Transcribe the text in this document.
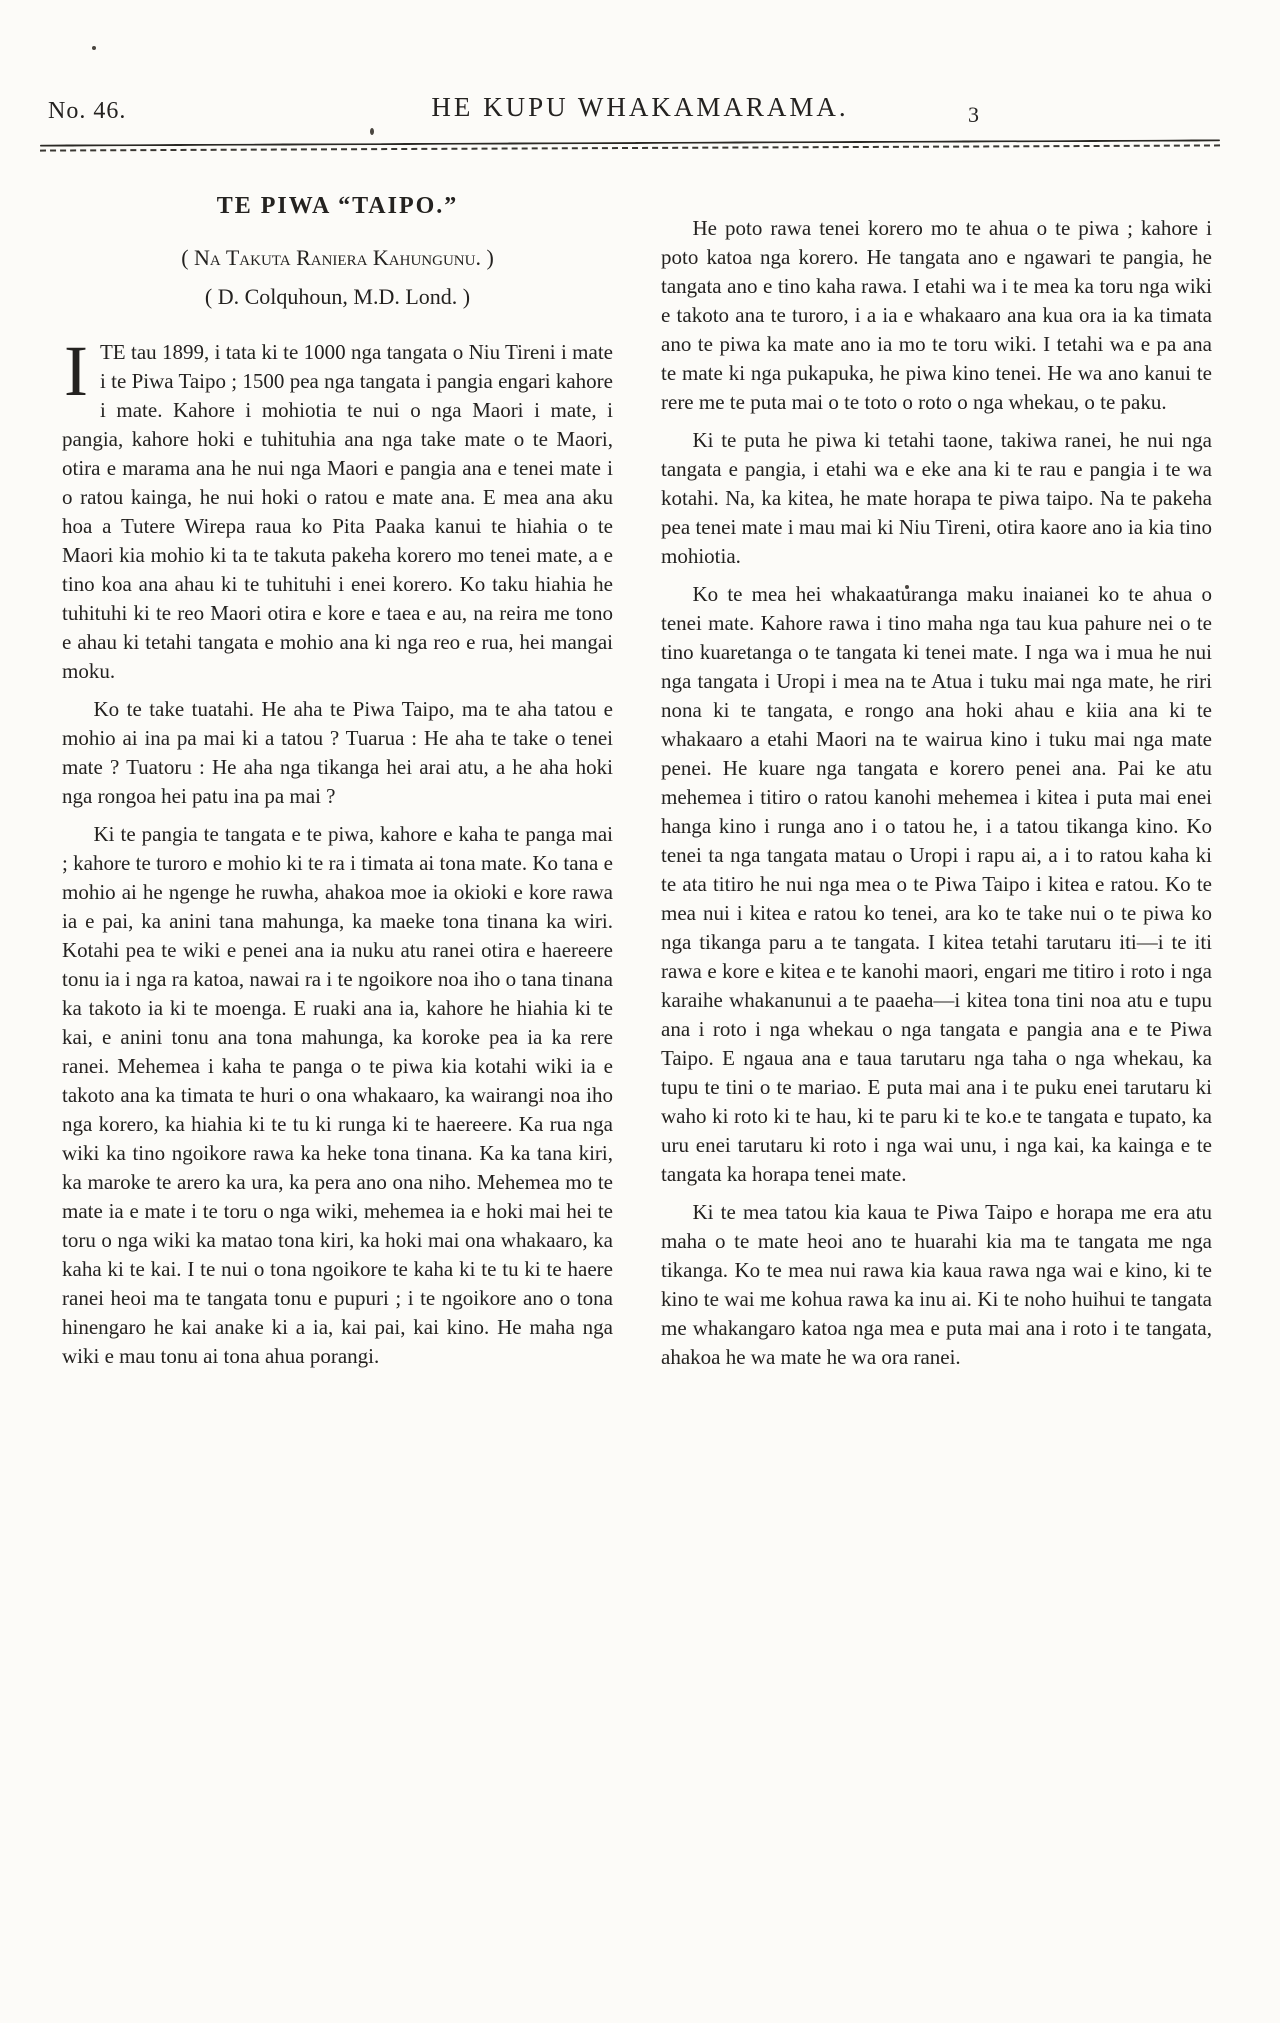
No. 46.	HE KUPU WHAKAMARAMA.	3
TE PIWA “TAIPO.”

( Na Takuta Raniera Kahungunu. )

( D. Colquhoun, M.D. Lond. )

ITE tau 1899, i tata ki te 1000 nga tangata o Niu Tireni i mate i te Piwa Taipo ; 1500 pea nga tangata i pangia engari kahore i mate. Kahore i mohiotia te nui o nga Maori i mate, i pangia, kahore hoki e tuhituhia ana nga take mate o te Maori, otira e marama ana he nui nga Maori e pangia ana e tenei mate i o ratou kainga, he nui hoki o ratou e mate ana. E mea ana aku hoa a Tutere Wirepa raua ko Pita Paaka kanui te hiahia o te Maori kia mohio ki ta te takuta pakeha korero mo tenei mate, a e tino koa ana ahau ki te tuhituhi i enei korero. Ko taku hiahia he tuhituhi ki te reo Maori otira e kore e taea e au, na reira me tono e ahau ki tetahi tangata e mohio ana ki nga reo e rua, hei mangai moku.

Ko te take tuatahi. He aha te Piwa Taipo, ma te aha tatou e mohio ai ina pa mai ki a tatou ? Tuarua : He aha te take o tenei mate ? Tuatoru : He aha nga tikanga hei arai atu, a he aha hoki nga rongoa hei patu ina pa mai ?

Ki te pangia te tangata e te piwa, kahore e kaha te panga mai ; kahore te turoro e mohio ki te ra i timata ai tona mate. Ko tana e mohio ai he ngenge he ruwha, ahakoa moe ia okioki e kore rawa ia e pai, ka anini tana mahunga, ka maeke tona tinana ka wiri. Kotahi pea te wiki e penei ana ia nuku atu ranei otira e haereere tonu ia i nga ra katoa, nawai ra i te ngoikore noa iho o tana tinana ka takoto ia ki te moenga. E ruaki ana ia, kahore he hiahia ki te kai, e anini tonu ana tona mahunga, ka koroke pea ia ka rere ranei. Mehemea i kaha te panga o te piwa kia kotahi wiki ia e takoto ana ka timata te huri o ona whakaaro, ka wairangi noa iho nga korero, ka hiahia ki te tu ki runga ki te haereere. Ka rua nga wiki ka tino ngoikore rawa ka heke tona tinana. Ka ka tana kiri, ka maroke te arero ka ura, ka pera ano ona niho. Mehemea mo te mate ia e mate i te toru o nga wiki, mehemea ia e hoki mai hei te toru o nga wiki ka matao tona kiri, ka hoki mai ona whakaaro, ka kaha ki te kai. I te nui o tona ngoikore te kaha ki te tu ki te haere ranei heoi ma te tangata tonu e pupuri ; i te ngoikore ano o tona hinengaro he kai anake ki a ia, kai pai, kai kino. He maha nga wiki e mau tonu ai tona ahua porangi.

He poto rawa tenei korero mo te ahua o te piwa ; kahore i poto katoa nga korero. He tangata ano e ngawari te pangia, he tangata ano e tino kaha rawa. I etahi wa i te mea ka toru nga wiki e takoto ana te turoro, i a ia e whakaaro ana kua ora ia ka timata ano te piwa ka mate ano ia mo te toru wiki. I tetahi wa e pa ana te mate ki nga pukapuka, he piwa kino tenei. He wa ano kanui te rere me te puta mai o te toto o roto o nga whekau, o te paku.

Ki te puta he piwa ki tetahi taone, takiwa ranei, he nui nga tangata e pangia, i etahi wa e eke ana ki te rau e pangia i te wa kotahi. Na, ka kitea, he mate horapa te piwa taipo. Na te pakeha pea tenei mate i mau mai ki Niu Tireni, otira kaore ano ia kia tino mohiotia.

Ko te mea hei whakaaturanga maku inaianei ko te ahua o tenei mate. Kahore rawa i tino maha nga tau kua pahure nei o te tino kuaretanga o te tangata ki tenei mate. I nga wa i mua he nui nga tangata i Uropi i mea na te Atua i tuku mai nga mate, he riri nona ki te tangata, e rongo ana hoki ahau e kiia ana ki te whakaaro a etahi Maori na te wairua kino i tuku mai nga mate penei. He kuare nga tangata e korero penei ana. Pai ke atu mehemea i titiro o ratou kanohi mehemea i kitea i puta mai enei hanga kino i runga ano i o tatou he, i a tatou tikanga kino. Ko tenei ta nga tangata matau o Uropi i rapu ai, a i to ratou kaha ki te ata titiro he nui nga mea o te Piwa Taipo i kitea e ratou. Ko te mea nui i kitea e ratou ko tenei, ara ko te take nui o te piwa ko nga tikanga paru a te tangata. I kitea tetahi tarutaru iti—i te iti rawa e kore e kitea e te kanohi maori, engari me titiro i roto i nga karaihe whakanunui a te paaeha—i kitea tona tini noa atu e tupu ana i roto i nga whekau o nga tangata e pangia ana e te Piwa Taipo. E ngaua ana e taua tarutaru nga taha o nga whekau, ka tupu te tini o te mariao. E puta mai ana i te puku enei tarutaru ki waho ki roto ki te hau, ki te paru ki te ko.e te tangata e tupato, ka uru enei tarutaru ki roto i nga wai unu, i nga kai, ka kainga e te tangata ka horapa tenei mate.

Ki te mea tatou kia kaua te Piwa Taipo e horapa me era atu maha o te mate heoi ano te huarahi kia ma te tangata me nga tikanga. Ko te mea nui rawa kia kaua rawa nga wai e kino, ki te kino te wai me kohua rawa ka inu ai. Ki te noho huihui te tangata me whakangaro katoa nga mea e puta mai ana i roto i te tangata, ahakoa he wa mate he wa ora ranei.
